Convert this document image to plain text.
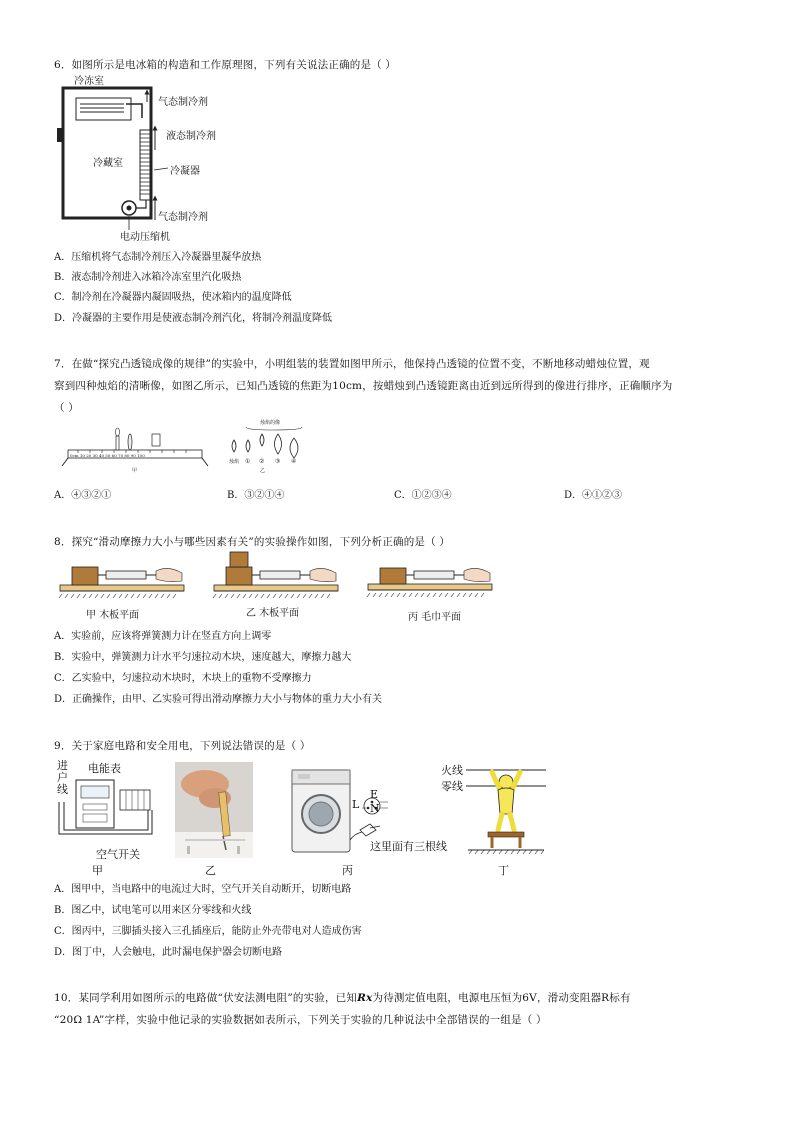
6．如图所示是电冰箱的构造和工作原理图，下列有关说法正确的是（ ）
冷冻室
气态制冷剂
液态制冷剂
冷藏室
冷凝器
气态制冷剂
电动压缩机
A．压缩机将气态制冷剂压入冷凝器里凝华放热
B．液态制冷剂进入冰箱冷冻室里汽化吸热
C．制冷剂在冷凝器内凝固吸热，使冰箱内的温度降低
D．冷凝器的主要作用是使液态制冷剂汽化，将制冷剂温度降低
7．在做“探究凸透镜成像的规律”的实验中，小明组装的装置如图甲所示，他保持凸透镜的位置不变，不断地移动蜡烛位置，观
察到四种烛焰的清晰像，如图乙所示，已知凸透镜的焦距为10cm，按蜡烛到凸透镜距离由近到远所得到的像进行排序，正确顺序为
（ ）
0cm 10 20 30 40 50 60 70 80 90 100
甲
烛焰的像
烛焰 ① ② ③ ④
乙
A．④③②①	B．③②①④	C．①②③④	D．④①②③
8．探究“滑动摩擦力大小与哪些因素有关”的实验操作如图，下列分析正确的是（ ）
甲 木板平面	乙 木板平面	丙 毛巾平面
A．实验前，应该将弹簧测力计在竖直方向上调零
B．实验中，弹簧测力计水平匀速拉动木块，速度越大，摩擦力越大
C．乙实验中，匀速拉动木块时，木块上的重物不受摩擦力
D．正确操作，由甲、乙实验可得出滑动摩擦力大小与物体的重力大小有关
9．关于家庭电路和安全用电，下列说法错误的是（ ）
进
户
线
电能表
空气开关
甲	乙
L
E
N
这里面有三根线
丙
火线
零线
丁
A．图甲中，当电路中的电流过大时，空气开关自动断开，切断电路
B．图乙中，试电笔可以用来区分零线和火线
C．图丙中，三脚插头接入三孔插座后，能防止外壳带电对人造成伤害
D．图丁中，人会触电，此时漏电保护器会切断电路
10．某同学利用如图所示的电路做“伏安法测电阻”的实验，已知Rx为待测定值电阻，电源电压恒为6V，滑动变阻器R标有
“20Ω 1A”字样，实验中他记录的实验数据如表所示，下列关于实验的几种说法中全部错误的一组是（ ）
